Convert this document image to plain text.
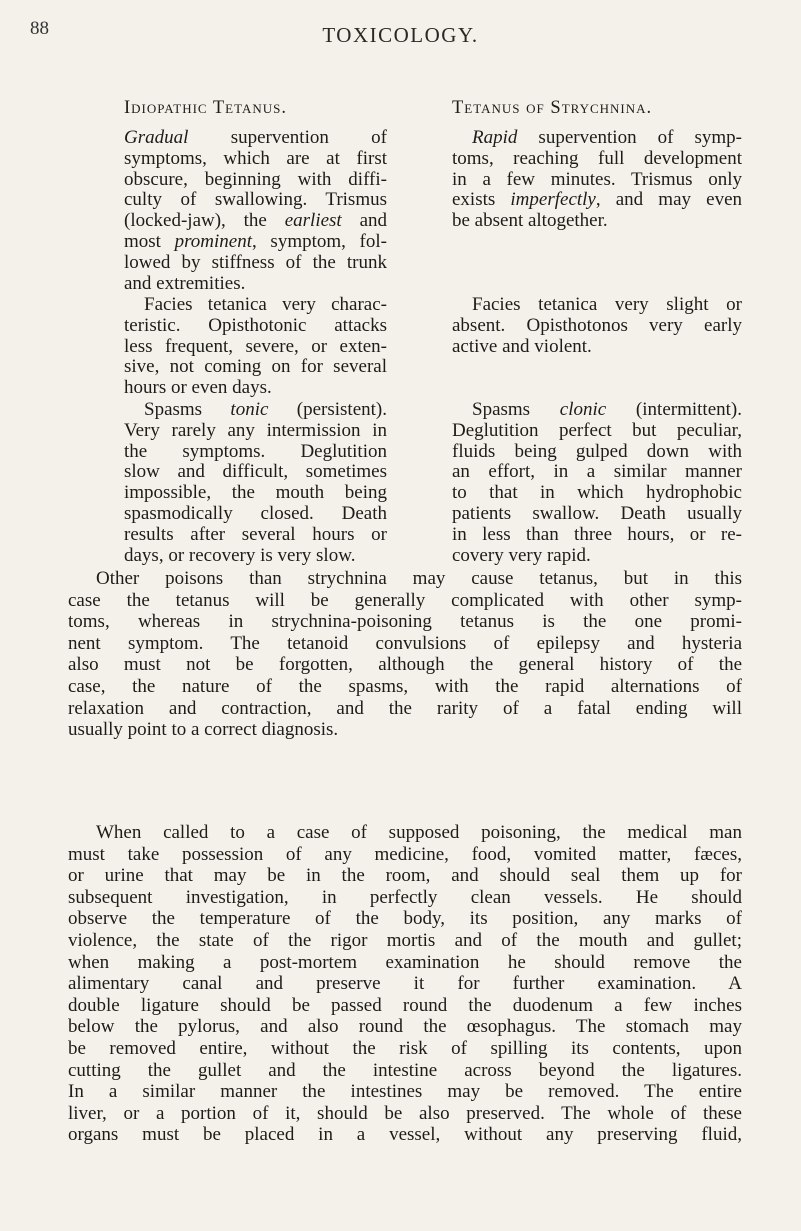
88	TOXICOLOGY.
Idiopathic Tetanus.	Tetanus of Strychnina.
Gradual supervention of
symptoms, which are at first
obscure, beginning with diffi-
culty of swallowing. Trismus
(locked-jaw), the earliest and
most prominent, symptom, fol-
lowed by stiffness of the trunk
and extremities.
Facies tetanica very charac-
teristic. Opisthotonic attacks
less frequent, severe, or exten-
sive, not coming on for several
hours or even days.
Spasms tonic (persistent).
Very rarely any intermission in
the symptoms. Deglutition
slow and difficult, sometimes
impossible, the mouth being
spasmodically closed. Death
results after several hours or
days, or recovery is very slow.
Rapid supervention of symp-
toms, reaching full development
in a few minutes. Trismus only
exists imperfectly, and may even
be absent altogether.
Facies tetanica very slight or
absent. Opisthotonos very early
active and violent.
Spasms clonic (intermittent).
Deglutition perfect but peculiar,
fluids being gulped down with
an effort, in a similar manner
to that in which hydrophobic
patients swallow. Death usually
in less than three hours, or re-
covery very rapid.
Other poisons than strychnina may cause tetanus, but in this
case the tetanus will be generally complicated with other symp-
toms, whereas in strychnina-poisoning tetanus is the one promi-
nent symptom. The tetanoid convulsions of epilepsy and hysteria
also must not be forgotten, although the general history of the
case, the nature of the spasms, with the rapid alternations of
relaxation and contraction, and the rarity of a fatal ending will
usually point to a correct diagnosis.
When called to a case of supposed poisoning, the medical man
must take possession of any medicine, food, vomited matter, fæces,
or urine that may be in the room, and should seal them up for
subsequent investigation, in perfectly clean vessels. He should
observe the temperature of the body, its position, any marks of
violence, the state of the rigor mortis and of the mouth and gullet;
when making a post-mortem examination he should remove the
alimentary canal and preserve it for further examination. A
double ligature should be passed round the duodenum a few inches
below the pylorus, and also round the œsophagus. The stomach may
be removed entire, without the risk of spilling its contents, upon
cutting the gullet and the intestine across beyond the ligatures.
In a similar manner the intestines may be removed. The entire
liver, or a portion of it, should be also preserved. The whole of these
organs must be placed in a vessel, without any preserving fluid,
